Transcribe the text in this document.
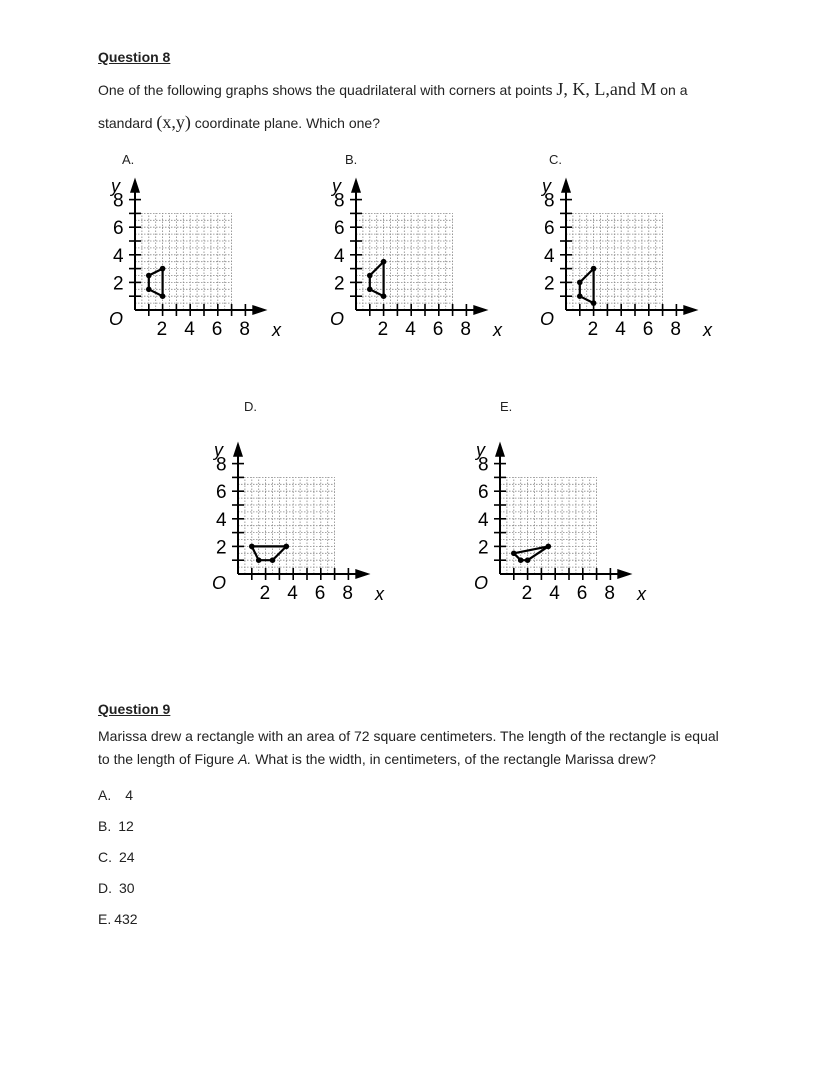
Question 8
One of the following graphs shows the quadrilateral with corners at points J, K, L,and M on a
standard (x,y) coordinate plane. Which one?
A.	B.	C.
D.	E.
2 4 6 8
2
4
6
8
O
x
y
2 4 6 8
2
4
6
8
O
x
y
2 4 6 8
2
4
6
8
O
x
y
2 4 6 8
2
4
6
8
O
x
y
2 4 6 8
2
4
6
8
O
x
y
Question 9
Marissa drew a rectangle with an area of 72 square centimeters. The length of the rectangle is equal
to the length of Figure A. What is the width, in centimeters, of the rectangle Marissa drew?
A. 4
B. 12
C. 24
D. 30
E. 432
